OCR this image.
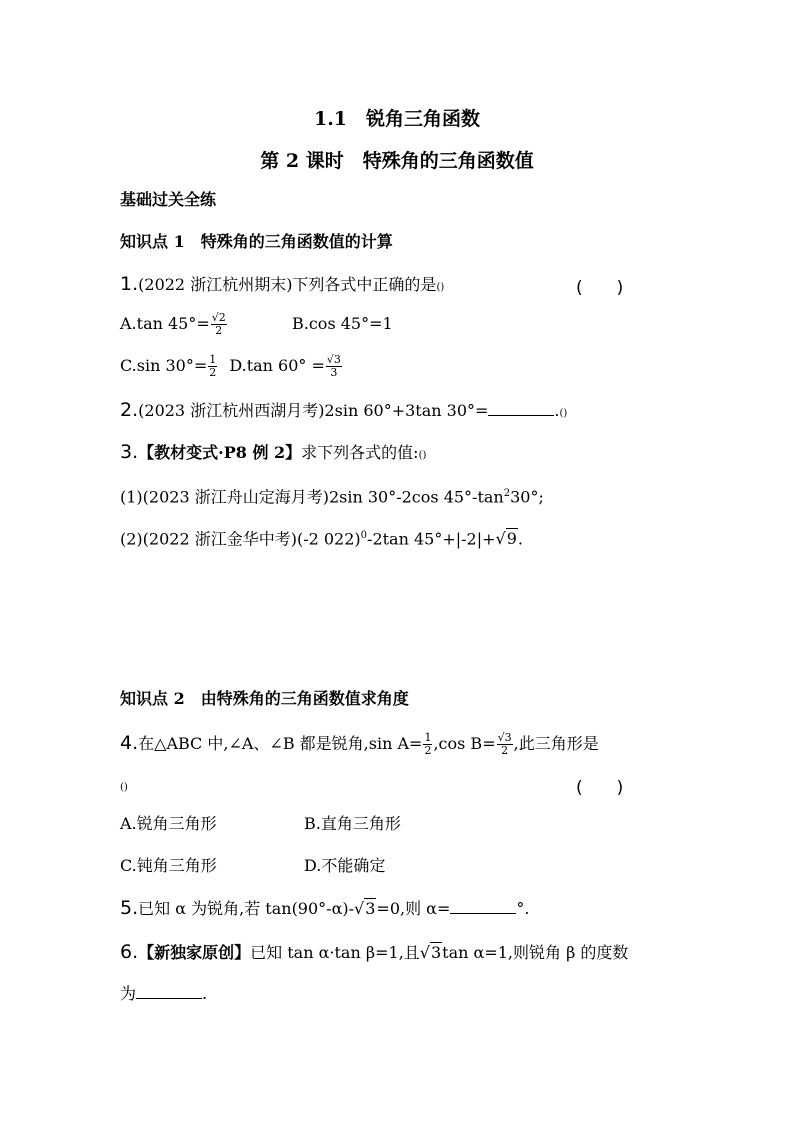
1.1　锐角三角函数
第 2 课时　特殊角的三角函数值
基础过关全练
知识点 1　特殊角的三角函数值的计算
1.(2022 浙江杭州期末)下列各式中正确的是()	(　　)
A.tan $45^\circ= \frac{√2}{2}$	B.cos 45°=1
C.sin $30^\circ= \frac{1}{2} D.\tan$ $60^\circ = \frac{√3}{3}$
2.(2023 浙江杭州西湖月考)2sin 60°+3tan 30°=	.()
3.【教材变式·P8 例 2】求下列各式的值:()
(1)(2023 浙江舟山定海月考)2sin 30°-2cos $45^\circ-\tan^230^\circ$;
(2)(2022 浙江金华中考)(-2 022)$^0$-2tan 45°+|-2|+√9.
知识点 2　由特殊角的三角函数值求角度
4.在△ABC 中,∠A、∠B 都是锐角,sin $A= \frac{1}{2} ,\cos$ $B= \frac{√3}{2}$ ,此三角形是
()	(　　)
A.锐角三角形	B.直角三角形
C.钝角三角形	D.不能确定
5.已知 α 为锐角,若 tan(90°-α)-√3=0,则 α=	°.
6.【新独家原创】已知 tan α·tan β=1,且√3tan α=1,则锐角 β 的度数
为	.
